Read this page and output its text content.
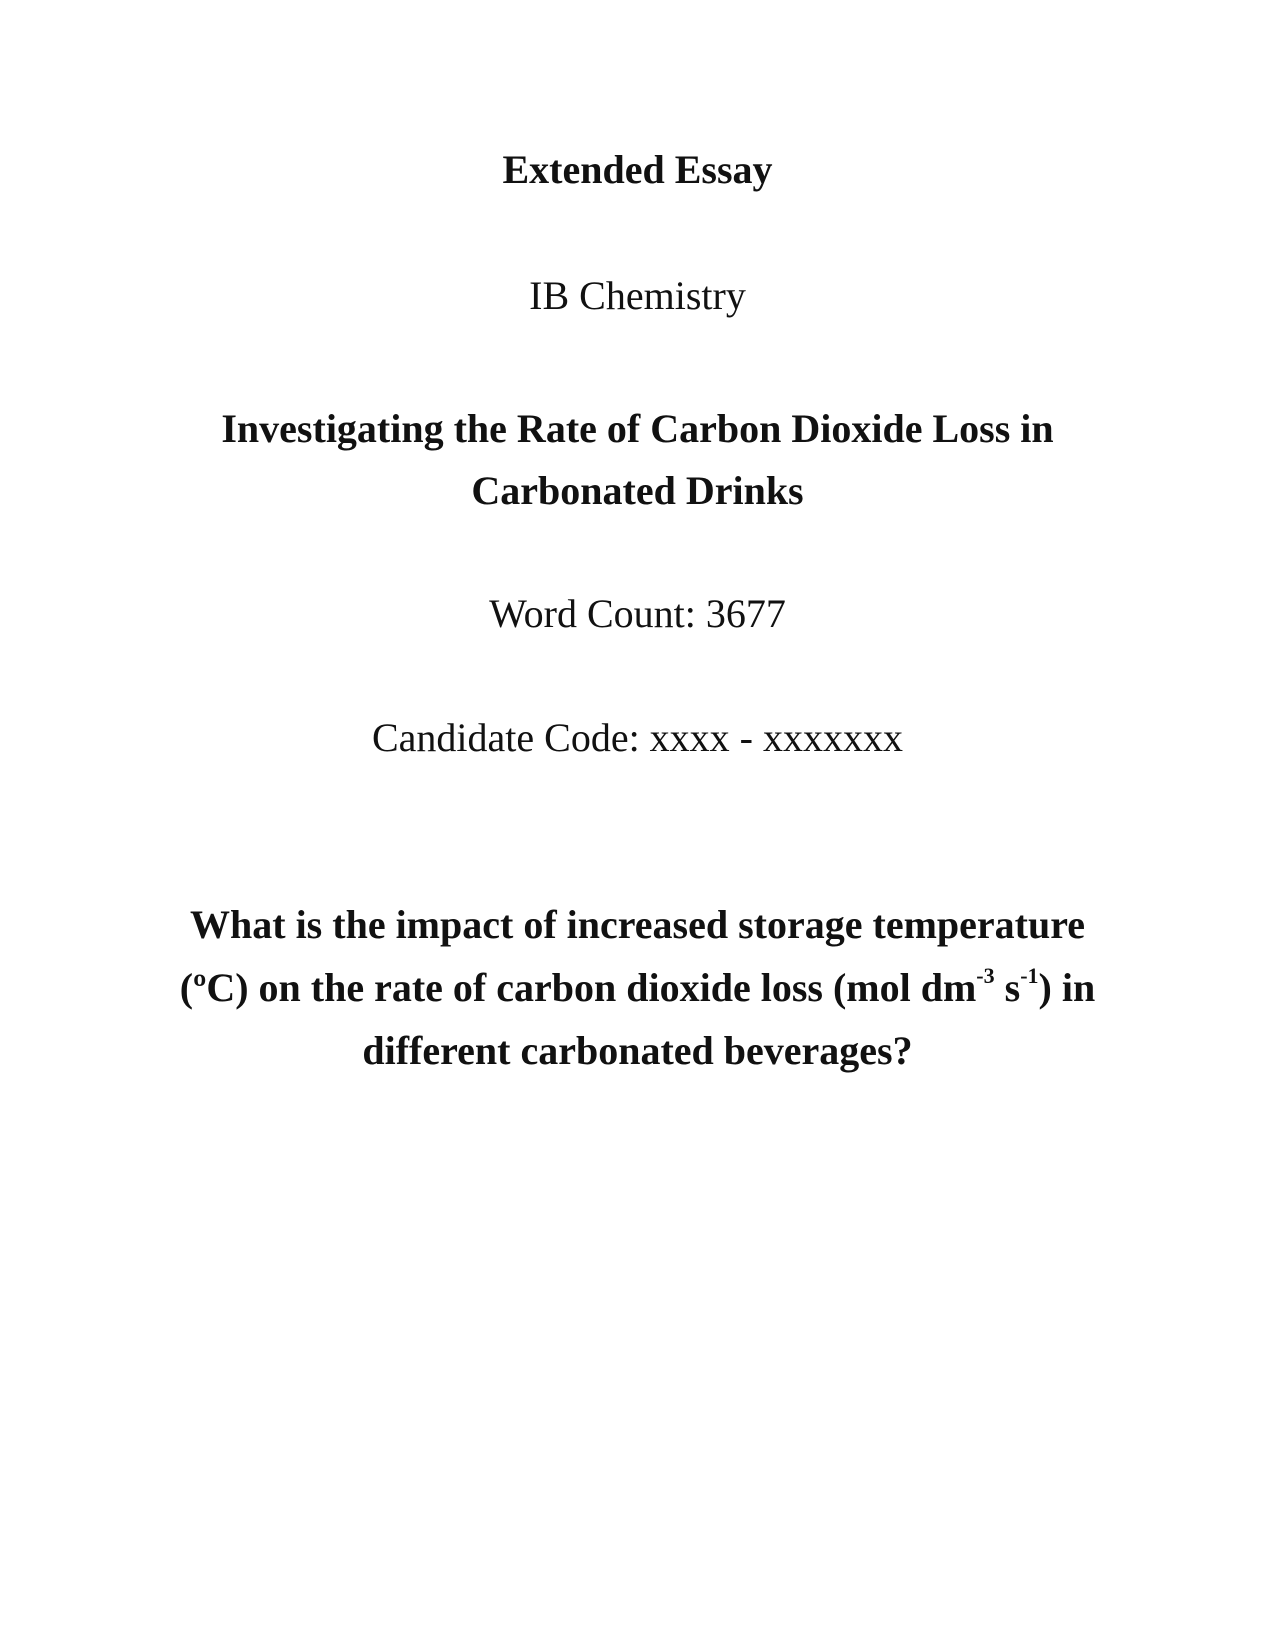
Extended Essay
IB Chemistry
Investigating the Rate of Carbon Dioxide Loss in
Carbonated Drinks
Word Count: 3677
Candidate Code: xxxx - xxxxxxx
What is the impact of increased storage temperature
(ºC) on the rate of carbon dioxide loss (mol $dm^{-3}$ $s^{-1}$) in
different carbonated beverages?
